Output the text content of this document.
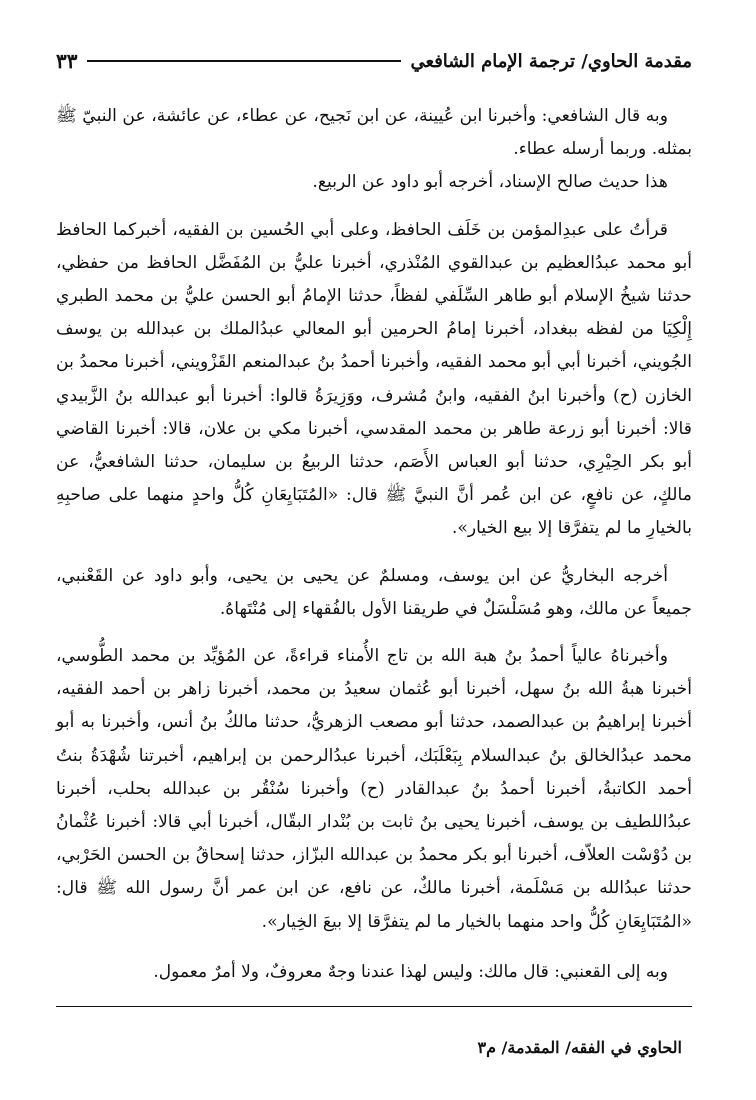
مقدمة الحاوي/ ترجمة الإمام الشافعي
٣٣

وبه قال الشافعي: وأخبرنا ابن عُيينة، عن ابن نَجيح، عن عطاء، عن عائشة، عن النبيّ ﷺ بمثله. وربما أرسله عطاء.

هذا حديث صالح الإسناد، أخرجه أبو داود عن الربيع.

قرأتُ على عبدِالمؤمن بن خَلَف الحافظ، وعلى أبي الحُسين بن الفقيه، أخبركما الحافظ أبو محمد عبدُالعظيم بن عبدالقوي المُنْذري، أخبرنا عليُّ بن المُفَضَّل الحافظ من حفظي، حدثنا شيخُ الإسلام أبو طاهر السِّلَفي لفظاً، حدثنا الإمامُ أبو الحسن عليُّ بن محمد الطبري إِلْكِيَا من لفظه ببغداد، أخبرنا إمامُ الحرمين أبو المعالي عبدُالملك بن عبدالله بن يوسف الجُويني، أخبرنا أبي أبو محمد الفقيه، وأخبرنا أحمدُ بنُ عبدالمنعم القَزْويني، أخبرنا محمدُ بن الخازن (ح) وأخبرنا ابنُ الفقيه، وابنُ مُشرف، ووَزِيرَةُ قالوا: أخبرنا أبو عبدالله بنُ الزَّبيدي قالا: أخبرنا أبو زرعة طاهر بن محمد المقدسي، أخبرنا مكي بن علان، قالا: أخبرنا القاضي أبو بكر الحِيْرِي، حدثنا أبو العباس الأَصَم، حدثنا الربيعُ بن سليمان، حدثنا الشافعيُّ، عن مالكٍ، عن نافعٍ، عن ابن عُمر أنَّ النبيَّ ﷺ قال: «المُتَبَايِعَانِ كُلُّ واحدٍ منهما على صاحبِهِ بالخيارِ ما لم يتفرَّقا إلا بيع الخيار».

أخرجه البخاريُّ عن ابن يوسف، ومسلمٌ عن يحيى بن يحيى، وأبو داود عن القَعْنبي، جميعاً عن مالك، وهو مُسَلْسَلٌ في طريقنا الأول بالفُقهاء إلى مُنْتَهاهُ.

وأخبرناهُ عالياً أحمدُ بنُ هبة الله بن تاج الأُمناء قراءةً، عن المُؤيِّد بن محمد الطُّوسي، أخبرنا هبةُ الله بنُ سهل، أخبرنا أبو عُثمان سعيدُ بن محمد، أخبرنا زاهر بن أحمد الفقيه، أخبرنا إبراهيمُ بن عبدالصمد، حدثنا أبو مصعب الزهريُّ، حدثنا مالكُ بنُ أنس، وأخبرنا به أبو محمد عبدُالخالق بنُ عبدالسلام بِبَعْلَبَك، أخبرنا عبدُالرحمن بن إبراهيم، أخبرتنا شُهْدَةُ بنتُ أحمد الكاتبةُ، أخبرنا أحمدُ بنُ عبدالقادر (ح) وأخبرنا سُنْقُر بن عبدالله بحلب، أخبرنا عبدُاللطيف بن يوسف، أخبرنا يحيى بنُ ثابت بن بُنْدار البقّال، أخبرنا أبي قالا: أخبرنا عُثْمانُ بن دُوْسْت العلاّف، أخبرنا أبو بكر محمدُ بن عبدالله البزّاز، حدثنا إسحاقُ بن الحسن الحَرْبي، حدثنا عبدُالله بن مَسْلَمة، أخبرنا مالكٌ، عن نافع، عن ابن عمر أنَّ رسول الله ﷺ قال: «المُتَبَايِعَانِ كُلُّ واحد منهما بالخيار ما لم يتفرَّقا إلا بيعَ الخِيار».

وبه إلى القعنبي: قال مالك: وليس لهذا عندنا وجهٌ معروفٌ، ولا أمرٌ معمول.
الحاوي في الفقه/ المقدمة/ م٣
